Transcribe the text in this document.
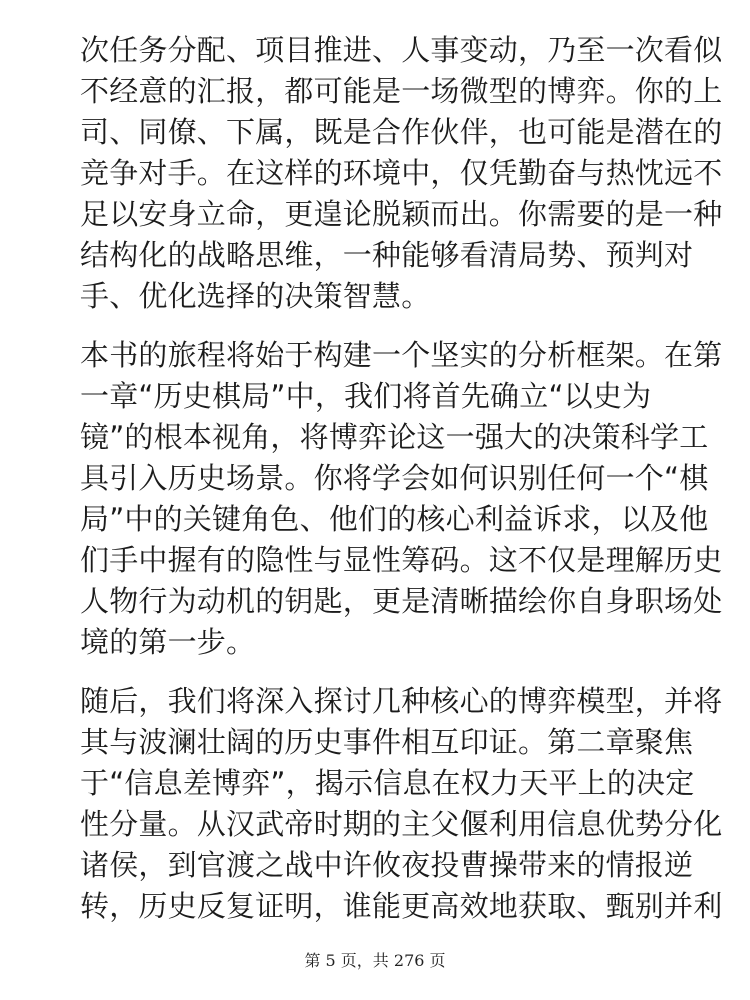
次任务分配、项目推进、人事变动，乃至一次看似
不经意的汇报，都可能是一场微型的博弈。你的上
司、同僚、下属，既是合作伙伴，也可能是潜在的
竞争对手。在这样的环境中，仅凭勤奋与热忱远不
足以安身立命，更遑论脱颖而出。你需要的是一种
结构化的战略思维，一种能够看清局势、预判对
手、优化选择的决策智慧。
本书的旅程将始于构建一个坚实的分析框架。在第
一章“历史棋局”中，我们将首先确立“以史为
镜”的根本视角，将博弈论这一强大的决策科学工
具引入历史场景。你将学会如何识别任何一个“棋
局”中的关键角色、他们的核心利益诉求，以及他
们手中握有的隐性与显性筹码。这不仅是理解历史
人物行为动机的钥匙，更是清晰描绘你自身职场处
境的第一步。
随后，我们将深入探讨几种核心的博弈模型，并将
其与波澜壮阔的历史事件相互印证。第二章聚焦
于“信息差博弈”，揭示信息在权力天平上的决定
性分量。从汉武帝时期的主父偃利用信息优势分化
诸侯，到官渡之战中许攸夜投曹操带来的情报逆
转，历史反复证明，谁能更高效地获取、甄别并利
第 5 页，共 276 页
